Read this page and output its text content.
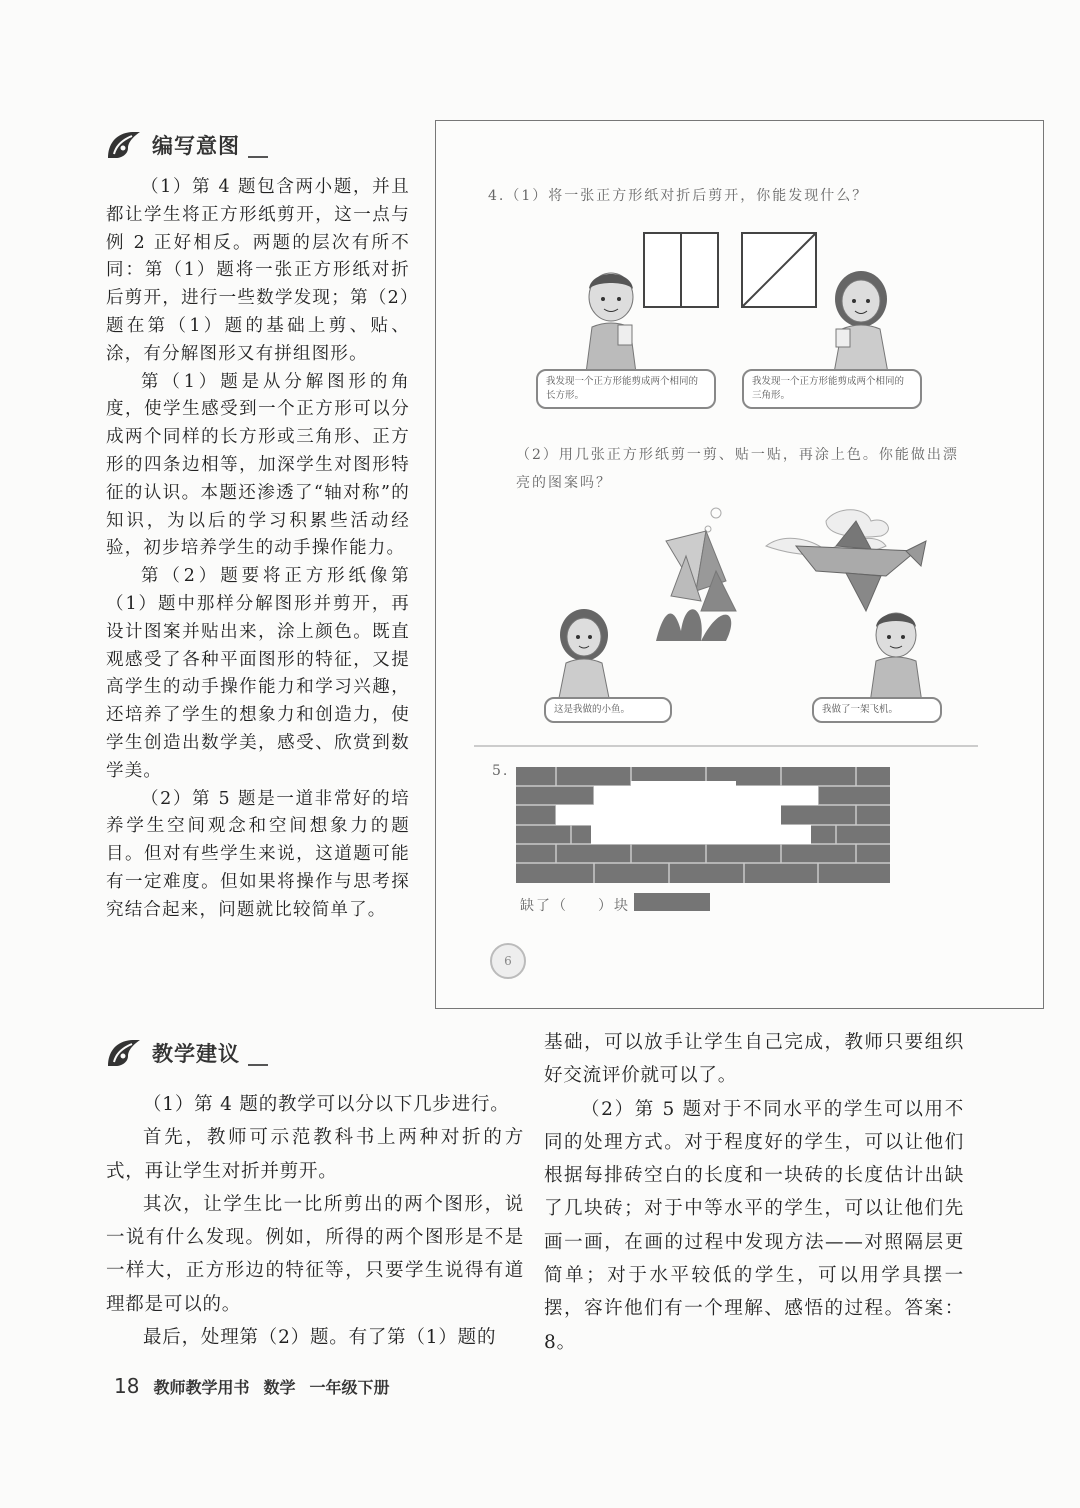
编写意图

（1）第 4 题包含两小题，并且都让学生将正方形纸剪开，这一点与例 2 正好相反。两题的层次有所不同：第（1）题将一张正方形纸对折后剪开，进行一些数学发现；第（2）题在第（1）题的基础上剪、贴、涂，有分解图形又有拼组图形。

第（1）题是从分解图形的角度，使学生感受到一个正方形可以分成两个同样的长方形或三角形、正方形的四条边相等，加深学生对图形特征的认识。本题还渗透了“轴对称”的知识，为以后的学习积累些活动经验，初步培养学生的动手操作能力。

第（2）题要将正方形纸像第（1）题中那样分解图形并剪开，再设计图案并贴出来，涂上颜色。既直观感受了各种平面图形的特征，又提高学生的动手操作能力和学习兴趣，还培养了学生的想象力和创造力，使学生创造出数学美，感受、欣赏到数学美。

（2）第 5 题是一道非常好的培养学生空间观念和空间想象力的题目。但对有些学生来说，这道题可能有一定难度。但如果将操作与思考探究结合起来，问题就比较简单了。

4.（1）将一张正方形纸对折后剪开，你能发现什么？
我发现一个正方形能剪成两个相同的长方形。
我发现一个正方形能剪成两个相同的三角形。
（2）用几张正方形纸剪一剪、贴一贴，再涂上色。你能做出漂亮的图案吗？
这是我做的小鱼。	我做了一架飞机。
5.
缺了（ ）块
6
教学建议

（1）第 4 题的教学可以分以下几步进行。

首先，教师可示范教科书上两种对折的方式，再让学生对折并剪开。

其次，让学生比一比所剪出的两个图形，说一说有什么发现。例如，所得的两个图形是不是一样大，正方形边的特征等，只要学生说得有道理都是可以的。

最后，处理第（2）题。有了第（1）题的

基础，可以放手让学生自己完成，教师只要组织好交流评价就可以了。

（2）第 5 题对于不同水平的学生可以用不同的处理方式。对于程度好的学生，可以让他们根据每排砖空白的长度和一块砖的长度估计出缺了几块砖；对于中等水平的学生，可以让他们先画一画，在画的过程中发现方法——对照隔层更简单；对于水平较低的学生，可以用学具摆一摆，容许他们有一个理解、感悟的过程。答案：8。

18 教师教学用书 数学 一年级下册
